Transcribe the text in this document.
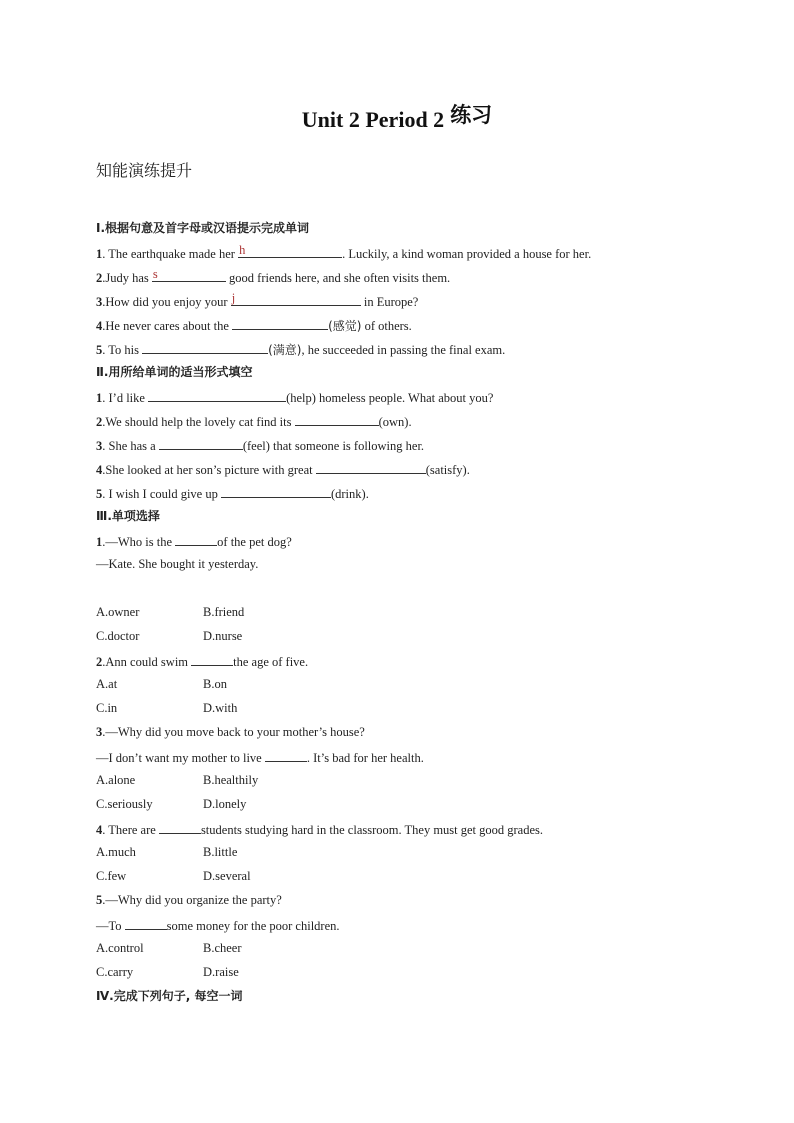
Unit 2 Period 2 练习
知能演练提升
Ⅰ.根据句意及首字母或汉语提示完成单词
1. The earthquake made her h	. Luckily, a kind woman provided a house for her.
2.Judy has s	good friends here, and she often visits them.
3.How did you enjoy your j	in Europe?
4.He never cares about the	(感觉) of others.
5. To his	(满意), he succeeded in passing the final exam.
Ⅱ.用所给单词的适当形式填空
1. I’d like	(help) homeless people. What about you?
2.We should help the lovely cat find its	(own).
3. She has a	(feel) that someone is following her.
4.She looked at her son’s picture with great	(satisfy).
5. I wish I could give up	(drink).
Ⅲ.单项选择
1.—Who is the	of the pet dog?
—Kate. She bought it yesterday.
A.owner	B.friend
C.doctor	D.nurse
2.Ann could swim	the age of five.
A.at	B.on
C.in	D.with
3.—Why did you move back to your mother’s house?
—I don’t want my mother to live	. It’s bad for her health.
A.alone	B.healthily
C.seriously	D.lonely
4. There are	students studying hard in the classroom. They must get good grades.
A.much	B.little
C.few	D.several
5.—Why did you organize the party?
—To	some money for the poor children.
A.control	B.cheer
C.carry	D.raise
Ⅳ.完成下列句子, 每空一词
